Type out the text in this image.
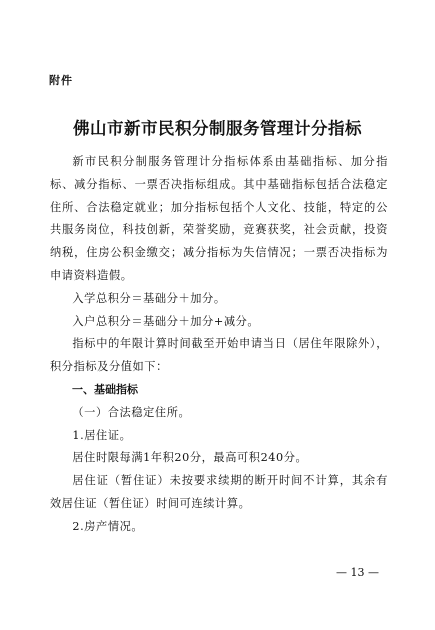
附件
佛山市新市民积分制服务管理计分指标

新市民积分制服务管理计分指标体系由基础指标、加分指标、减分指标、一票否决指标组成。其中基础指标包括合法稳定住所、合法稳定就业；加分指标包括个人文化、技能，特定的公共服务岗位，科技创新，荣誉奖励，竞赛获奖，社会贡献，投资纳税，住房公积金缴交；减分指标为失信情况；一票否决指标为申请资料造假。

入学总积分＝基础分＋加分。

入户总积分＝基础分＋加分+减分。

指标中的年限计算时间截至开始申请当日（居住年限除外），积分指标及分值如下：

一、基础指标

（一）合法稳定住所。

1.居住证。

居住时限每满1年积20分，最高可积240分。

居住证（暂住证）未按要求续期的断开时间不计算，其余有效居住证（暂住证）时间可连续计算。

2.房产情况。

— 13 —
